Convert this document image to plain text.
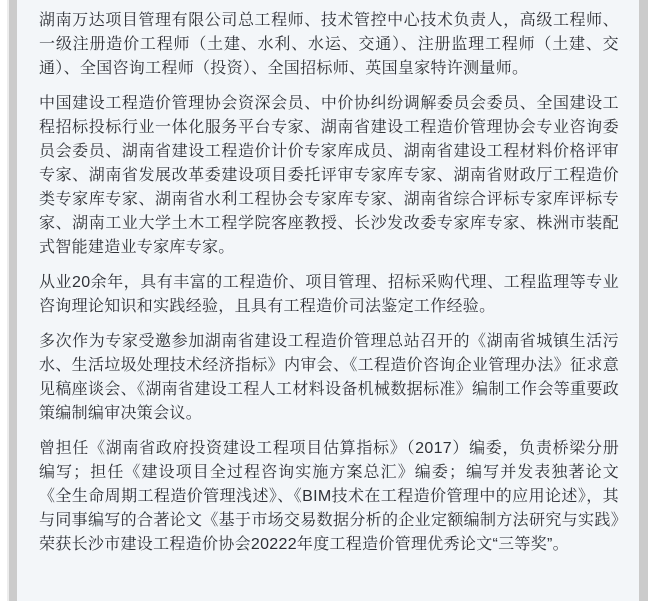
湖南万达项目管理有限公司总工程师、技术管控中心技术负责人，高级工程师、一级注册造价工程师（土建、水利、水运、交通）、注册监理工程师（土建、交通）、全国咨询工程师（投资）、全国招标师、英国皇家特许测量师。

中国建设工程造价管理协会资深会员、中价协纠纷调解委员会委员、全国建设工程招标投标行业一体化服务平台专家、湖南省建设工程造价管理协会专业咨询委员会委员、湖南省建设工程造价计价专家库成员、湖南省建设工程材料价格评审专家、湖南省发展改革委建设项目委托评审专家库专家、湖南省财政厅工程造价类专家库专家、湖南省水利工程协会专家库专家、湖南省综合评标专家库评标专家、湖南工业大学土木工程学院客座教授、长沙发改委专家库专家、株洲市装配式智能建造业专家库专家。

从业20余年，具有丰富的工程造价、项目管理、招标采购代理、工程监理等专业咨询理论知识和实践经验，且具有工程造价司法鉴定工作经验。

多次作为专家受邀参加湖南省建设工程造价管理总站召开的《湖南省城镇生活污水、生活垃圾处理技术经济指标》内审会、《工程造价咨询企业管理办法》征求意见稿座谈会、《湖南省建设工程人工材料设备机械数据标准》编制工作会等重要政策编制编审决策会议。

曾担任《湖南省政府投资建设工程项目估算指标》（2017）编委，负责桥梁分册编写；担任《建设项目全过程咨询实施方案总汇》编委；编写并发表独著论文《全生命周期工程造价管理浅述》、《BIM技术在工程造价管理中的应用论述》，其与同事编写的合著论文《基于市场交易数据分析的企业定额编制方法研究与实践》荣获长沙市建设工程造价协会20222年度工程造价管理优秀论文“三等奖”。
